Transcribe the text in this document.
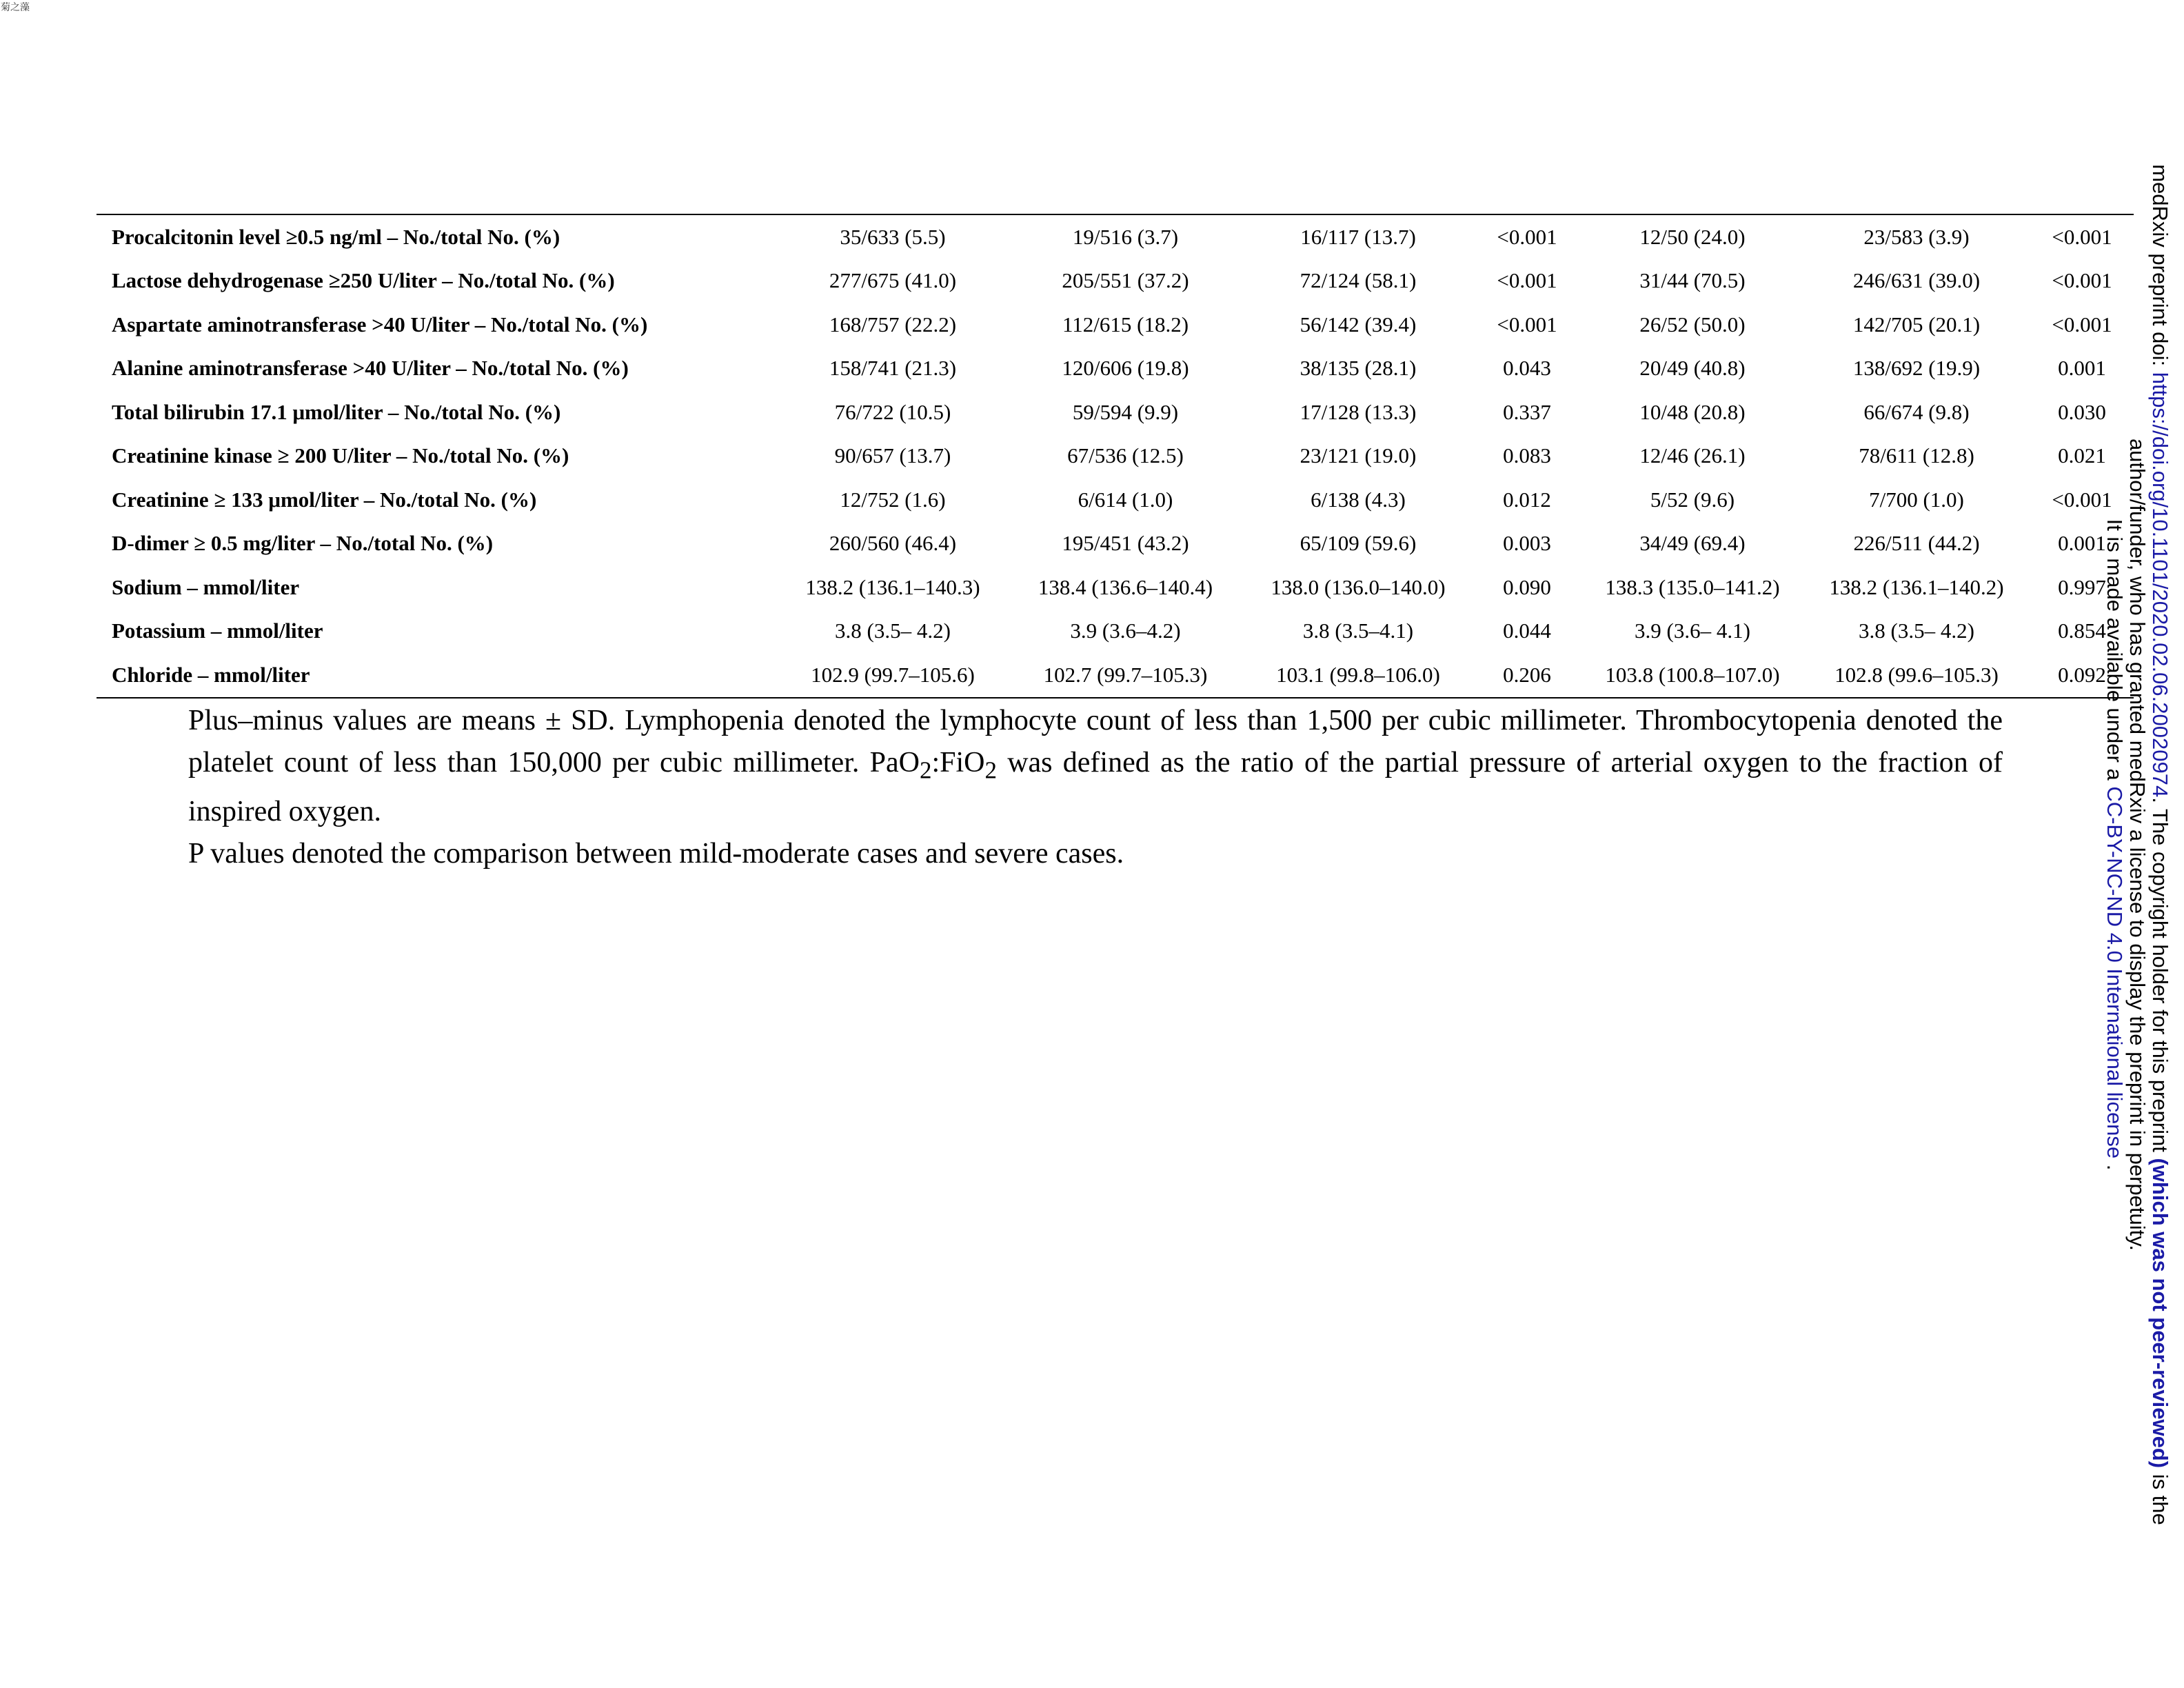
菊之藻
Procalcitonin level ≥0.5 ng/ml – No./total No. (%)	35/633 (5.5)	19/516 (3.7)	16/117 (13.7)	<0.001	12/50 (24.0)	23/583 (3.9)	<0.001
Lactose dehydrogenase ≥250 U/liter – No./total No. (%)	277/675 (41.0)	205/551 (37.2)	72/124 (58.1)	<0.001	31/44 (70.5)	246/631 (39.0)	<0.001
Aspartate aminotransferase >40 U/liter – No./total No. (%)	168/757 (22.2)	112/615 (18.2)	56/142 (39.4)	<0.001	26/52 (50.0)	142/705 (20.1)	<0.001
Alanine aminotransferase >40 U/liter – No./total No. (%)	158/741 (21.3)	120/606 (19.8)	38/135 (28.1)	0.043	20/49 (40.8)	138/692 (19.9)	0.001
Total bilirubin 17.1 μmol/liter – No./total No. (%)	76/722 (10.5)	59/594 (9.9)	17/128 (13.3)	0.337	10/48 (20.8)	66/674 (9.8)	0.030
Creatinine kinase ≥ 200 U/liter – No./total No. (%)	90/657 (13.7)	67/536 (12.5)	23/121 (19.0)	0.083	12/46 (26.1)	78/611 (12.8)	0.021
Creatinine ≥ 133 μmol/liter – No./total No. (%)	12/752 (1.6)	6/614 (1.0)	6/138 (4.3)	0.012	5/52 (9.6)	7/700 (1.0)	<0.001
D-dimer ≥ 0.5 mg/liter – No./total No. (%)	260/560 (46.4)	195/451 (43.2)	65/109 (59.6)	0.003	34/49 (69.4)	226/511 (44.2)	0.001
Sodium – mmol/liter	138.2 (136.1–140.3)	138.4 (136.6–140.4)	138.0 (136.0–140.0)	0.090	138.3 (135.0–141.2)	138.2 (136.1–140.2)	0.997
Potassium – mmol/liter	3.8 (3.5– 4.2)	3.9 (3.6–4.2)	3.8 (3.5–4.1)	0.044	3.9 (3.6– 4.1)	3.8 (3.5– 4.2)	0.854
Chloride – mmol/liter	102.9 (99.7–105.6)	102.7 (99.7–105.3)	103.1 (99.8–106.0)	0.206	103.8 (100.8–107.0)	102.8 (99.6–105.3)	0.092

Plus–minus values are means ± SD. Lymphopenia denoted the lymphocyte count of less than 1,500 per cubic millimeter. Thrombocytopenia denoted the platelet count of less than 150,000 per cubic millimeter. PaO$_2$:FiO$_2$ was defined as the ratio of the partial pressure of arterial oxygen to the fraction of inspired oxygen.

P values denoted the comparison between mild-moderate cases and severe cases.

medRxiv preprint doi: https://doi.org/10.1101/2020.02.06.20020974. The copyright holder for this preprint (which was not peer-reviewed) is the
author/funder, who has granted medRxiv a license to display the preprint in perpetuity.
It is made available under a CC-BY-NC-ND 4.0 International license .
